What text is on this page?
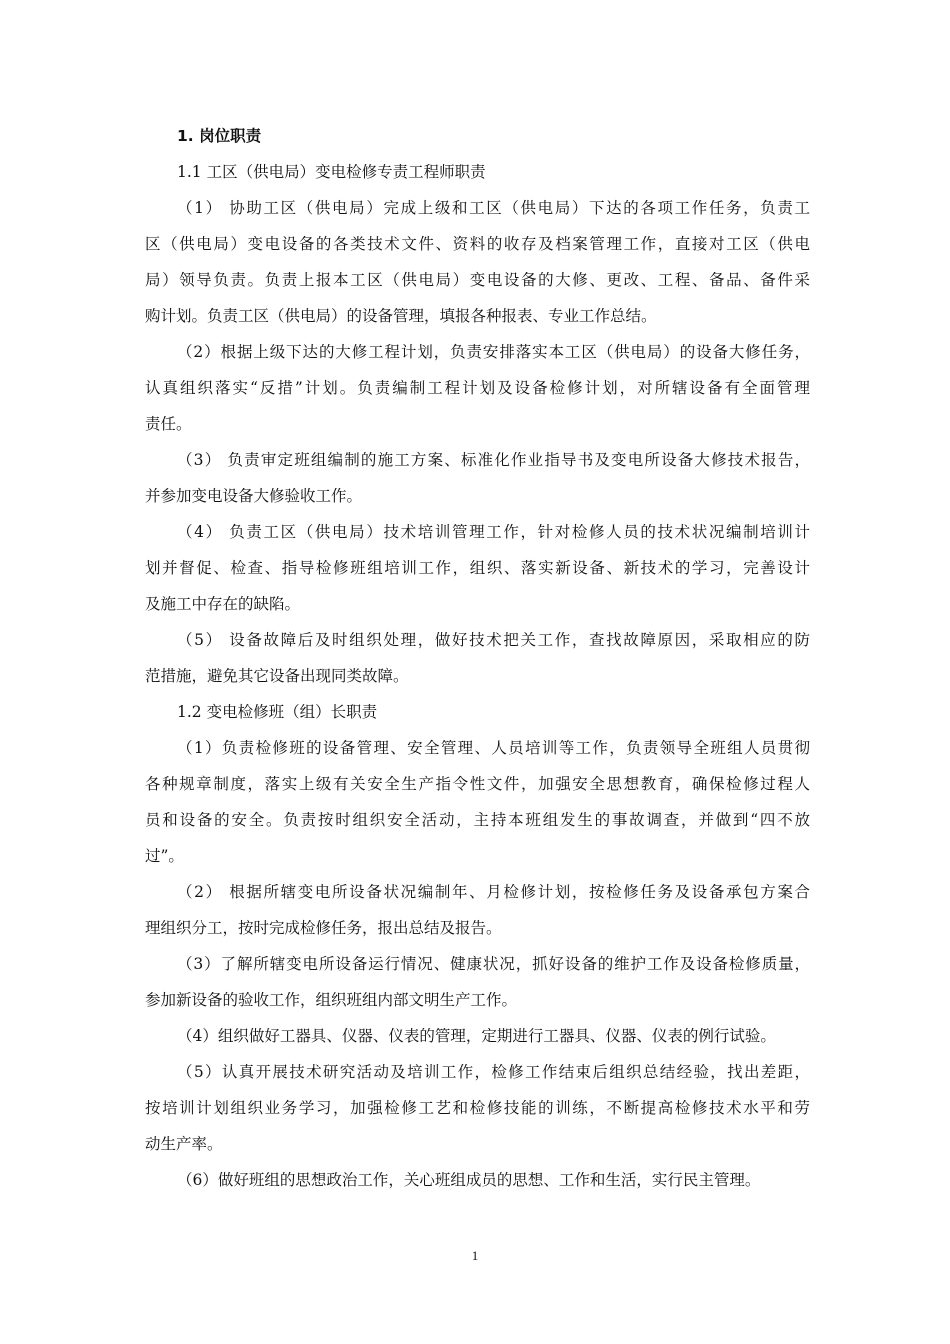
1. 岗位职责
1.1 工区（供电局）变电检修专责工程师职责
（1） 协助工区（供电局）完成上级和工区（供电局）下达的各项工作任务，负责工
区（供电局）变电设备的各类技术文件、资料的收存及档案管理工作，直接对工区（供电
局）领导负责。负责上报本工区（供电局）变电设备的大修、更改、工程、备品、备件采
购计划。负责工区（供电局）的设备管理，填报各种报表、专业工作总结。
（2）根据上级下达的大修工程计划，负责安排落实本工区（供电局）的设备大修任务，
认真组织落实“反措”计划。负责编制工程计划及设备检修计划，对所辖设备有全面管理
责任。
（3） 负责审定班组编制的施工方案、标准化作业指导书及变电所设备大修技术报告，
并参加变电设备大修验收工作。
（4） 负责工区（供电局）技术培训管理工作，针对检修人员的技术状况编制培训计
划并督促、检查、指导检修班组培训工作，组织、落实新设备、新技术的学习，完善设计
及施工中存在的缺陷。
（5） 设备故障后及时组织处理，做好技术把关工作，查找故障原因，采取相应的防
范措施，避免其它设备出现同类故障。
1.2 变电检修班（组）长职责
（1）负责检修班的设备管理、安全管理、人员培训等工作，负责领导全班组人员贯彻
各种规章制度，落实上级有关安全生产指令性文件，加强安全思想教育，确保检修过程人
员和设备的安全。负责按时组织安全活动，主持本班组发生的事故调查，并做到“四不放
过”。
（2） 根据所辖变电所设备状况编制年、月检修计划，按检修任务及设备承包方案合
理组织分工，按时完成检修任务，报出总结及报告。
（3）了解所辖变电所设备运行情况、健康状况，抓好设备的维护工作及设备检修质量，
参加新设备的验收工作，组织班组内部文明生产工作。
（4）组织做好工器具、仪器、仪表的管理，定期进行工器具、仪器、仪表的例行试验。
（5）认真开展技术研究活动及培训工作，检修工作结束后组织总结经验，找出差距，
按培训计划组织业务学习，加强检修工艺和检修技能的训练，不断提高检修技术水平和劳
动生产率。
（6）做好班组的思想政治工作，关心班组成员的思想、工作和生活，实行民主管理。
1
